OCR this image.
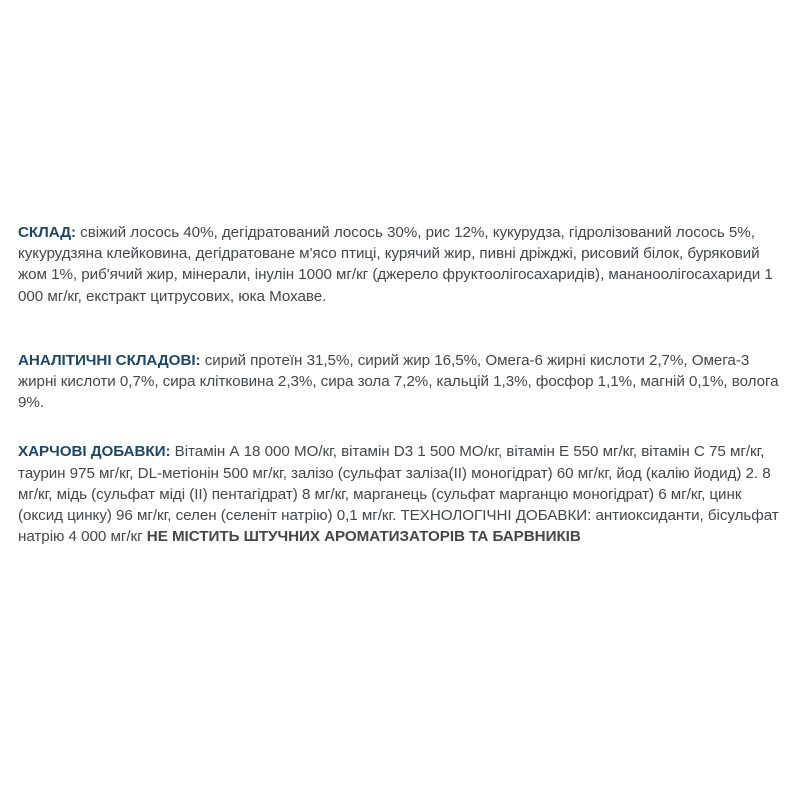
СКЛАД: свіжий лосось 40%, дегідратований лосось 30%, рис 12%, кукурудза, гідролізований лосось 5%, кукурудзяна клейковина, дегідратоване м'ясо птиці, курячий жир, пивні дріжджі, рисовий білок, буряковий жом 1%, риб'ячий жир, мінерали, інулін 1000 мг/кг (джерело фруктоолігосахаридів), мананоолігосахариди 1 000 мг/кг, екстракт цитрусових, юка Мохаве.

АНАЛІТИЧНІ СКЛАДОВІ: сирий протеїн 31,5%, сирий жир 16,5%, Омега-6 жирні кислоти 2,7%, Омега-3 жирні кислоти 0,7%, сира клітковина 2,3%, сира зола 7,2%, кальцій 1,3%, фосфор 1,1%, магній 0,1%, волога 9%.

ХАРЧОВІ ДОБАВКИ: Вітамін А 18 000 МО/кг, вітамін D3 1 500 МО/кг, вітамін Е 550 мг/кг, вітамін С 75 мг/кг, таурин 975 мг/кг, DL-метіонін 500 мг/кг, залізо (сульфат заліза(II) моногідрат) 60 мг/кг, йод (калію йодид) 2. 8 мг/кг, мідь (сульфат міді (II) пентагідрат) 8 мг/кг, марганець (сульфат марганцю моногідрат) 6 мг/кг, цинк (оксид цинку) 96 мг/кг, селен (селеніт натрію) 0,1 мг/кг. ТЕХНОЛОГІЧНІ ДОБАВКИ: антиоксиданти, бісульфат натрію 4 000 мг/кг НЕ МІСТИТЬ ШТУЧНИХ АРОМАТИЗАТОРІВ ТА БАРВНИКІВ
